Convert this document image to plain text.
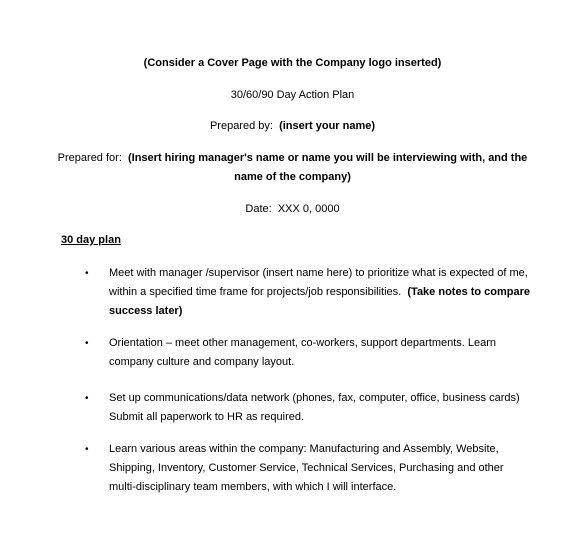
(Consider a Cover Page with the Company logo inserted)
30/60/90 Day Action Plan
Prepared by: (insert your name)
Prepared for: (Insert hiring manager's name or name you will be interviewing with, and the
name of the company)
Date: XXX 0, 0000
30 day plan
• Meet with manager /supervisor (insert name here) to prioritize what is expected of me,
within a specified time frame for projects/job responsibilities. (Take notes to compare
success later)
• Orientation – meet other management, co-workers, support departments. Learn
company culture and company layout.
• Set up communications/data network (phones, fax, computer, office, business cards)
Submit all paperwork to HR as required.
• Learn various areas within the company: Manufacturing and Assembly, Website,
Shipping, Inventory, Customer Service, Technical Services, Purchasing and other
multi-disciplinary team members, with which I will interface.
